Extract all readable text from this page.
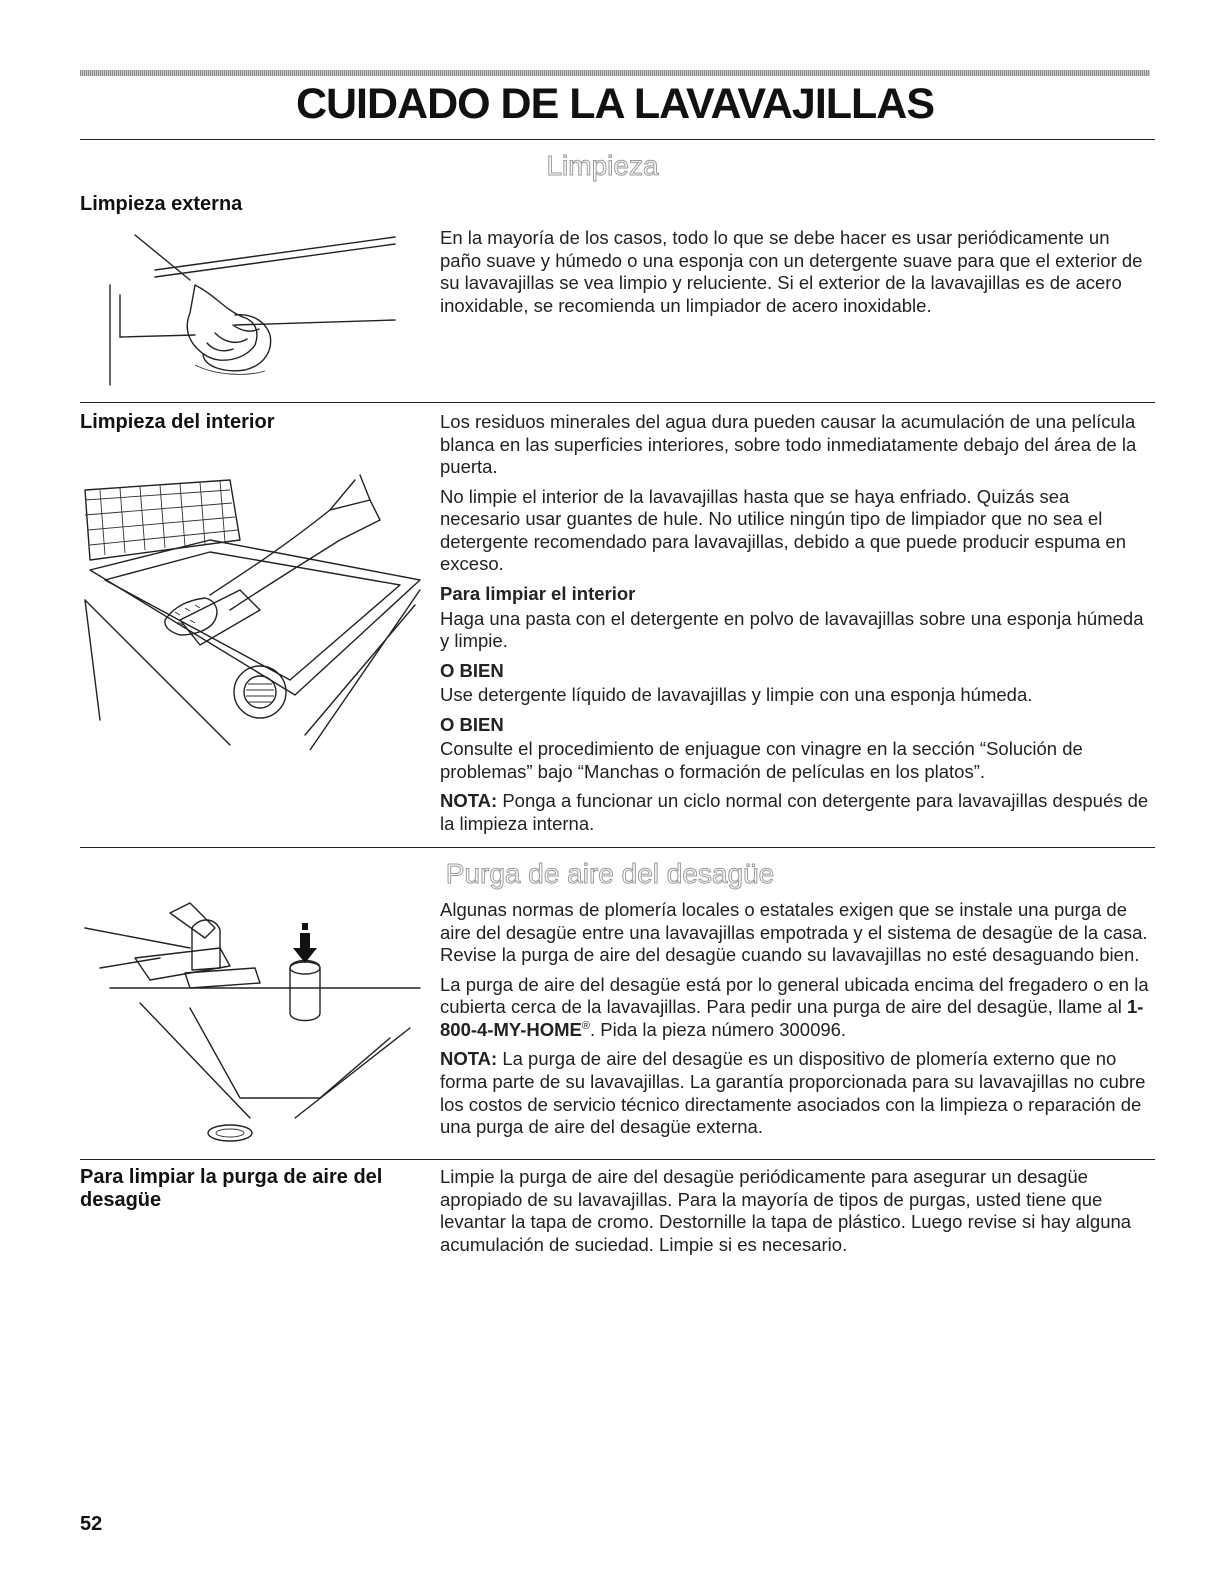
CUIDADO DE LA LAVAVAJILLAS
Limpieza
Limpieza externa

En la mayoría de los casos, todo lo que se debe hacer es usar periódicamente un paño suave y húmedo o una esponja con un detergente suave para que el exterior de su lavavajillas se vea limpio y reluciente. Si el exterior de la lavavajillas es de acero inoxidable, se recomienda un limpiador de acero inoxidable.

Limpieza del interior	Los residuos minerales del agua dura pueden causar la acumulación de una película blanca en las superficies interiores, sobre todo inmediatamente debajo del área de la puerta.

No limpie el interior de la lavavajillas hasta que se haya enfriado. Quizás sea necesario usar guantes de hule. No utilice ningún tipo de limpiador que no sea el detergente recomendado para lavavajillas, debido a que puede producir espuma en exceso.

Para limpiar el interior

Haga una pasta con el detergente en polvo de lavavajillas sobre una esponja húmeda y limpie.

O BIEN

Use detergente líquido de lavavajillas y limpie con una esponja húmeda.

O BIEN

Consulte el procedimiento de enjuague con vinagre en la sección “Solución de problemas” bajo “Manchas o formación de películas en los platos”.

NOTA: Ponga a funcionar un ciclo normal con detergente para lavavajillas después de la limpieza interna.

Purga de aire del desagüe

Algunas normas de plomería locales o estatales exigen que se instale una purga de aire del desagüe entre una lavavajillas empotrada y el sistema de desagüe de la casa. Revise la purga de aire del desagüe cuando su lavavajillas no esté desaguando bien.

La purga de aire del desagüe está por lo general ubicada encima del fregadero o en la cubierta cerca de la lavavajillas. Para pedir una purga de aire del desagüe, llame al 1-800-4-MY-HOME®. Pida la pieza número 300096.

NOTA: La purga de aire del desagüe es un dispositivo de plomería externo que no forma parte de su lavavajillas. La garantía proporcionada para su lavavajillas no cubre los costos de servicio técnico directamente asociados con la limpieza o reparación de una purga de aire del desagüe externa.

Para limpiar la purga de aire del desagüe

Limpie la purga de aire del desagüe periódicamente para asegurar un desagüe apropiado de su lavavajillas. Para la mayoría de tipos de purgas, usted tiene que levantar la tapa de cromo. Destornille la tapa de plástico. Luego revise si hay alguna acumulación de suciedad. Limpie si es necesario.

52
